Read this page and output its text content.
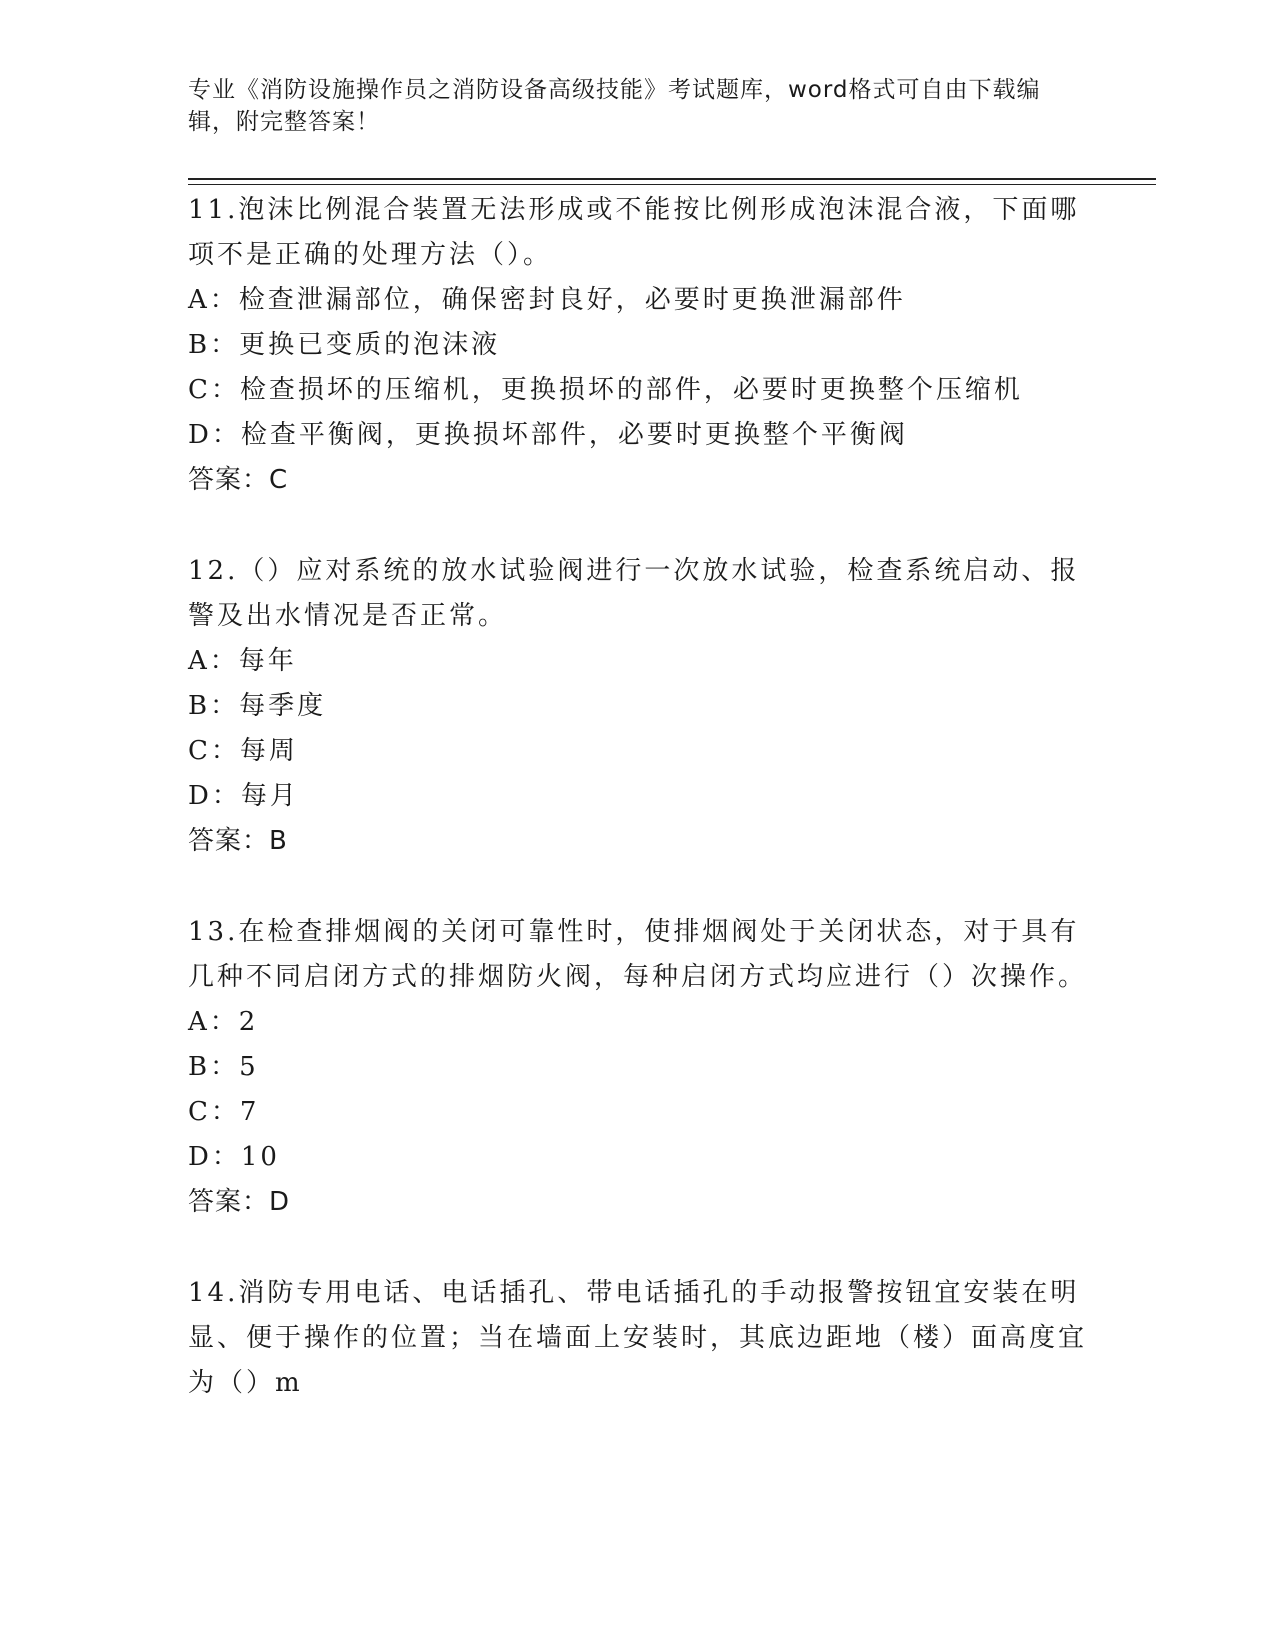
专业《消防设施操作员之消防设备高级技能》考试题库，word格式可自由下载编辑，附完整答案！

11.泡沫比例混合装置无法形成或不能按比例形成泡沫混合液，下面哪项不是正确的处理方法（）。

A：检查泄漏部位，确保密封良好，必要时更换泄漏部件

B：更换已变质的泡沫液

C：检查损坏的压缩机，更换损坏的部件，必要时更换整个压缩机

D：检查平衡阀，更换损坏部件，必要时更换整个平衡阀

答案：C

12.（）应对系统的放水试验阀进行一次放水试验，检查系统启动、报警及出水情况是否正常。

A：每年

B：每季度

C：每周

D：每月

答案：B

13.在检查排烟阀的关闭可靠性时，使排烟阀处于关闭状态，对于具有几种不同启闭方式的排烟防火阀，每种启闭方式均应进行（）次操作。

A：2

B：5

C：7

D：10

答案：D

14.消防专用电话、电话插孔、带电话插孔的手动报警按钮宜安装在明显、便于操作的位置；当在墙面上安装时，其底边距地（楼）面高度宜为（）m
